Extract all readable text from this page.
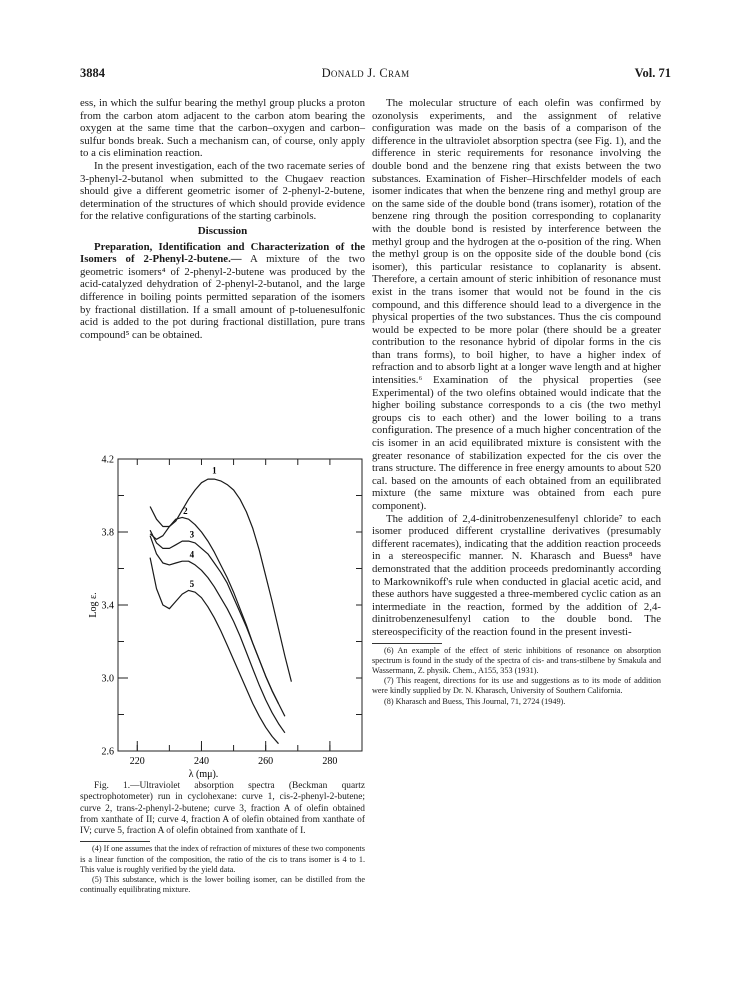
3884	Donald J. Cram	Vol. 71

ess, in which the sulfur bearing the methyl group plucks a proton from the carbon atom adjacent to the carbon atom bearing the oxygen at the same time that the carbon–oxygen and carbon–sulfur bonds break. Such a mechanism can, of course, only apply to a cis elimination reaction.

In the present investigation, each of the two racemate series of 3-phenyl-2-butanol when submitted to the Chugaev reaction should give a different geometric isomer of 2-phenyl-2-butene, determination of the structures of which should provide evidence for the relative configurations of the starting carbinols.

Discussion

Preparation, Identification and Characterization of the Isomers of 2-Phenyl-2-butene.— A mixture of the two geometric isomers⁴ of 2-phenyl-2-butene was produced by the acid-catalyzed dehydration of 2-phenyl-2-butanol, and the large difference in boiling points permitted separation of the isomers by fractional distillation. If a small amount of p-toluenesulfonic acid is added to the pot during fractional distillation, pure trans compound⁵ can be obtained.

220	240	260	280
2.6
3.0
3.4
3.8
4.2
λ (mμ).
Log ε.
1
2
3
4
5

Fig. 1.—Ultraviolet absorption spectra (Beckman quartz spectrophotometer) run in cyclohexane: curve 1, cis-2-phenyl-2-butene; curve 2, trans-2-phenyl-2-butene; curve 3, fraction A of olefin obtained from xanthate of II; curve 4, fraction A of olefin obtained from xanthate of IV; curve 5, fraction A of olefin obtained from xanthate of I.

(4) If one assumes that the index of refraction of mixtures of these two components is a linear function of the composition, the ratio of the cis to trans isomer is 4 to 1. This value is roughly verified by the yield data.

(5) This substance, which is the lower boiling isomer, can be distilled from the continually equilibrating mixture.

The molecular structure of each olefin was confirmed by ozonolysis experiments, and the assignment of relative configuration was made on the basis of a comparison of the difference in the ultraviolet absorption spectra (see Fig. 1), and the difference in steric requirements for resonance involving the double bond and the benzene ring that exists between the two substances. Examination of Fisher–Hirschfelder models of each isomer indicates that when the benzene ring and methyl group are on the same side of the double bond (trans isomer), rotation of the benzene ring through the position corresponding to coplanarity with the double bond is resisted by interference between the methyl group and the hydrogen at the o-position of the ring. When the methyl group is on the opposite side of the double bond (cis isomer), this particular resistance to coplanarity is absent. Therefore, a certain amount of steric inhibition of resonance must exist in the trans isomer that would not be found in the cis compound, and this difference should lead to a divergence in the physical properties of the two substances. Thus the cis compound would be expected to be more polar (there should be a greater contribution to the resonance hybrid of dipolar forms in the cis than trans forms), to boil higher, to have a higher index of refraction and to absorb light at a longer wave length and at higher intensities.⁶ Examination of the physical properties (see Experimental) of the two olefins obtained would indicate that the higher boiling substance corresponds to a cis (the two methyl groups cis to each other) and the lower boiling to a trans configuration. The presence of a much higher concentration of the cis isomer in an acid equilibrated mixture is consistent with the greater resonance of stabilization expected for the cis over the trans structure. The difference in free energy amounts to about 520 cal. based on the amounts of each obtained from an equilibrated mixture (the same mixture was obtained from each pure component).

The addition of 2,4-dinitrobenzenesulfenyl chloride⁷ to each isomer produced different crystalline derivatives (presumably different racemates), indicating that the addition reaction proceeds in a stereospecific manner. N. Kharasch and Buess⁸ have demonstrated that the addition proceeds predominantly according to Markownikoff's rule when conducted in glacial acetic acid, and these authors have suggested a three-membered cyclic cation as an intermediate in the reaction, formed by the addition of 2,4-dinitrobenzenesulfenyl cation to the double bond. The stereospecificity of the reaction found in the present investi-

(6) An example of the effect of steric inhibitions of resonance on absorption spectrum is found in the study of the spectra of cis- and trans-stilbene by Smakula and Wassermann, Z. physik. Chem., A155, 353 (1931).

(7) This reagent, directions for its use and suggestions as to its mode of addition were kindly supplied by Dr. N. Kharasch, University of Southern California.

(8) Kharasch and Buess, This Journal, 71, 2724 (1949).
